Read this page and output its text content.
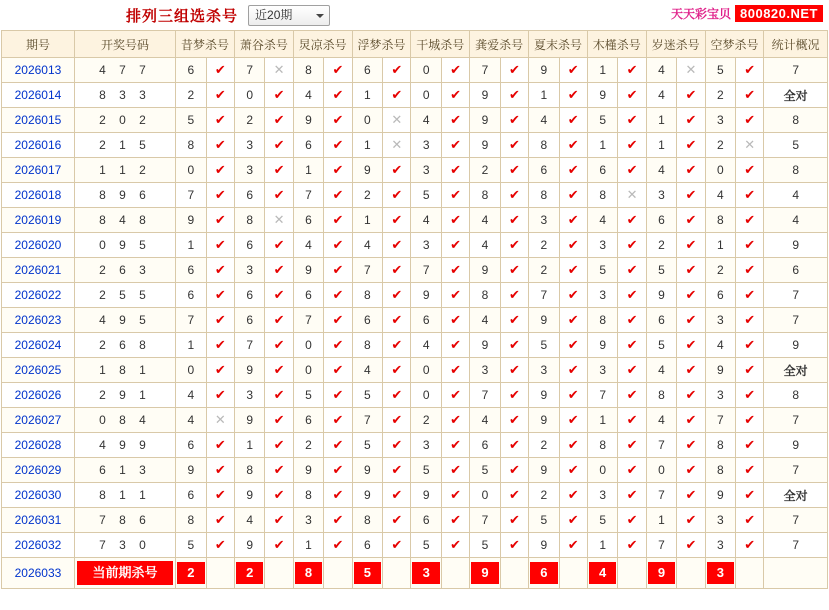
排列三组选杀号	近20期	天天彩宝贝 800820.NET
期号	开奖号码	昔梦杀号		萧谷杀号		炅凉杀号		浮梦杀号		干城杀号		龚爱杀号		夏末杀号		木槿杀号		岁迷杀号		空梦杀号		统计概况
2026013	4 7 7	6	✔	7	✕	8	✔	6	✔	0	✔	7	✔	9	✔	1	✔	4	✕	5	✔	7
2026014	8 3 3	2	✔	0	✔	4	✔	1	✔	0	✔	9	✔	1	✔	9	✔	4	✔	2	✔	全对
2026015	2 0 2	5	✔	2	✔	9	✔	0	✕	4	✔	9	✔	4	✔	5	✔	1	✔	3	✔	8
2026016	2 1 5	8	✔	3	✔	6	✔	1	✕	3	✔	9	✔	8	✔	1	✔	1	✔	2	✕	5
2026017	1 1 2	0	✔	3	✔	1	✔	9	✔	3	✔	2	✔	6	✔	6	✔	4	✔	0	✔	8
2026018	8 9 6	7	✔	6	✔	7	✔	2	✔	5	✔	8	✔	8	✔	8	✕	3	✔	4	✔	4
2026019	8 4 8	9	✔	8	✕	6	✔	1	✔	4	✔	4	✔	3	✔	4	✔	6	✔	8	✔	4
2026020	0 9 5	1	✔	6	✔	4	✔	4	✔	3	✔	4	✔	2	✔	3	✔	2	✔	1	✔	9
2026021	2 6 3	6	✔	3	✔	9	✔	7	✔	7	✔	9	✔	2	✔	5	✔	5	✔	2	✔	6
2026022	2 5 5	6	✔	6	✔	6	✔	8	✔	9	✔	8	✔	7	✔	3	✔	9	✔	6	✔	7
2026023	4 9 5	7	✔	6	✔	7	✔	6	✔	6	✔	4	✔	9	✔	8	✔	6	✔	3	✔	7
2026024	2 6 8	1	✔	7	✔	0	✔	8	✔	4	✔	9	✔	5	✔	9	✔	5	✔	4	✔	9
2026025	1 8 1	0	✔	9	✔	0	✔	4	✔	0	✔	3	✔	3	✔	3	✔	4	✔	9	✔	全对
2026026	2 9 1	4	✔	3	✔	5	✔	5	✔	0	✔	7	✔	9	✔	7	✔	8	✔	3	✔	8
2026027	0 8 4	4	✕	9	✔	6	✔	7	✔	2	✔	4	✔	9	✔	1	✔	4	✔	7	✔	7
2026028	4 9 9	6	✔	1	✔	2	✔	5	✔	3	✔	6	✔	2	✔	8	✔	7	✔	8	✔	9
2026029	6 1 3	9	✔	8	✔	9	✔	9	✔	5	✔	5	✔	9	✔	0	✔	0	✔	8	✔	7
2026030	8 1 1	6	✔	9	✔	8	✔	9	✔	9	✔	0	✔	2	✔	3	✔	7	✔	9	✔	全对
2026031	7 8 6	8	✔	4	✔	3	✔	8	✔	6	✔	7	✔	5	✔	5	✔	1	✔	3	✔	7
2026032	7 3 0	5	✔	9	✔	1	✔	6	✔	5	✔	5	✔	9	✔	1	✔	7	✔	3	✔	7
2026033	当前期杀号	2		2		8		5		3		9		6		4		9		3		
